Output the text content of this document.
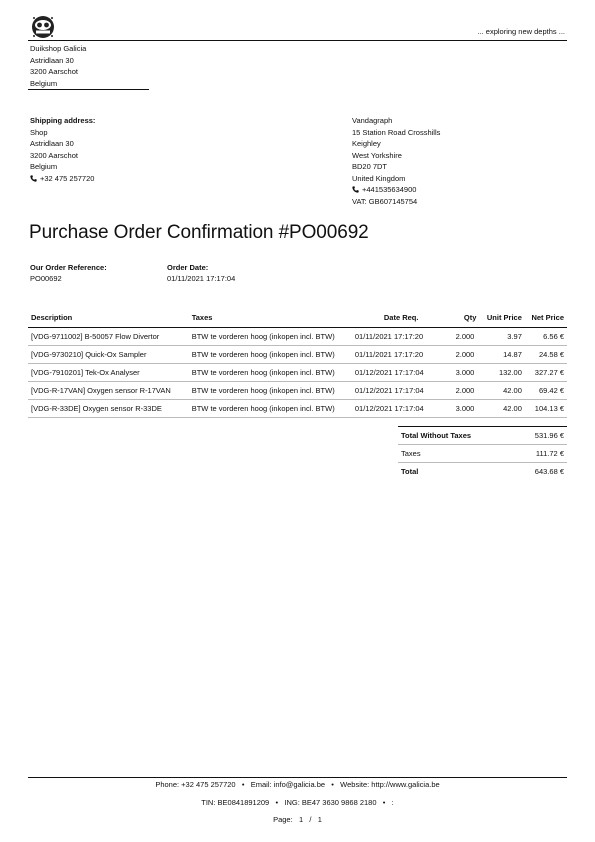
... exploring new depths ...
Duikshop Galicia
Astridlaan 30
3200 Aarschot
Belgium
Shipping address:
Shop
Astridlaan 30
3200 Aarschot
Belgium
+32 475 257720
Vandagraph
15 Station Road Crosshills
Keighley
West Yorkshire
BD20 7DT
United Kingdom
+441535634900
VAT: GB607145754
Purchase Order Confirmation #PO00692
Our Order Reference:
PO00692
Order Date:
01/11/2021 17:17:04
Description	Taxes	Date Req.	Qty	Unit Price	Net Price
[VDG-9711002] B-50057 Flow Divertor	BTW te vorderen hoog (inkopen incl. BTW)	01/11/2021 17:17:20	2.000	3.97	6.56 €
[VDG-9730210] Quick-Ox Sampler	BTW te vorderen hoog (inkopen incl. BTW)	01/11/2021 17:17:20	2.000	14.87	24.58 €
[VDG-7910201] Tek-Ox Analyser	BTW te vorderen hoog (inkopen incl. BTW)	01/12/2021 17:17:04	3.000	132.00	327.27 €
[VDG-R-17VAN] Oxygen sensor R-17VAN	BTW te vorderen hoog (inkopen incl. BTW)	01/12/2021 17:17:04	2.000	42.00	69.42 €
[VDG-R-33DE] Oxygen sensor R-33DE	BTW te vorderen hoog (inkopen incl. BTW)	01/12/2021 17:17:04	3.000	42.00	104.13 €
Total Without Taxes	531.96 €
Taxes	111.72 €
Total	643.68 €
Phone: +32 475 257720   •   Email: info@galicia.be   •   Website: http://www.galicia.be
TIN: BE0841891209   •   ING: BE47 3630 9868 2180   •   :
Page: 1 / 1
